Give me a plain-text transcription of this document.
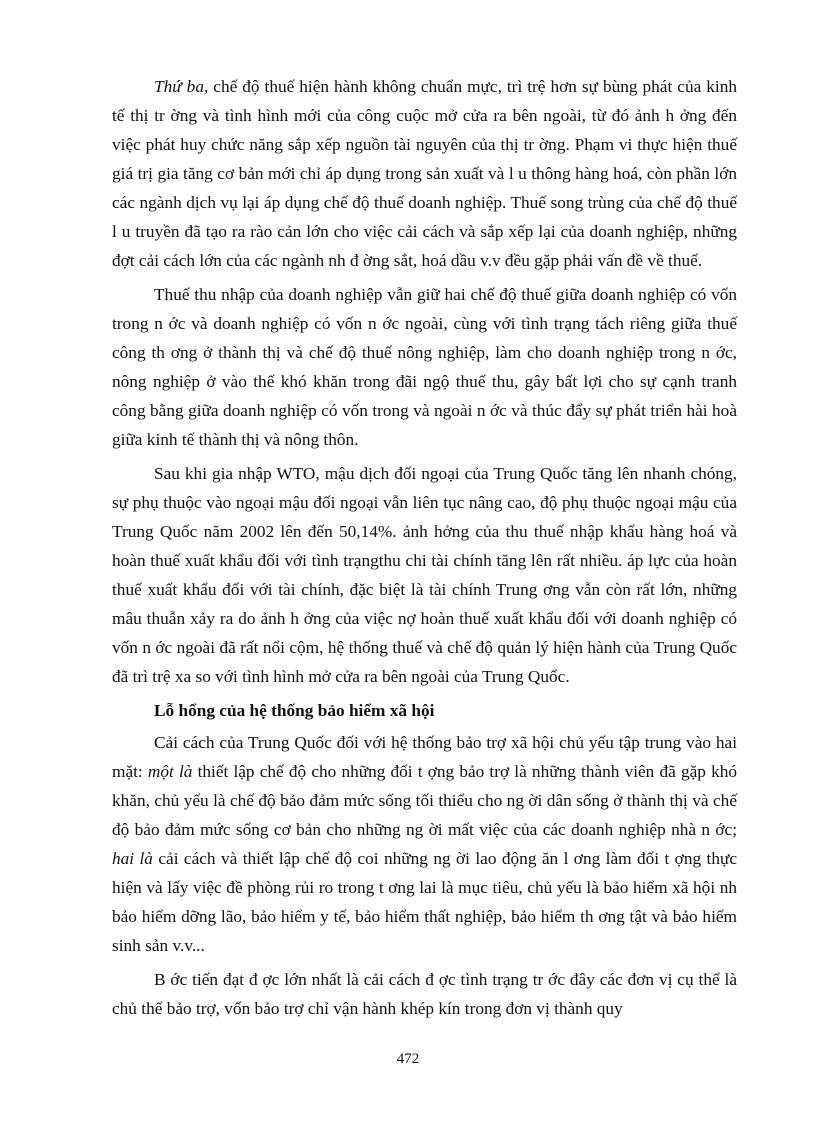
Thứ ba, chế độ thuế hiện hành không chuẩn mực, trì trệ hơn sự bùng phát của kinh tế thị tr ờng và tình hình mới của công cuộc mở cửa ra bên ngoài, từ đó ảnh h ởng đến việc phát huy chức năng sắp xếp nguồn tài nguyên của thị tr ờng. Phạm vi thực hiện thuế giá trị gia tăng cơ bản mới chỉ áp dụng trong sản xuất và l u thông hàng hoá, còn phần lớn các ngành dịch vụ lại áp dụng chế độ thuế doanh nghiệp. Thuế song trùng của chế độ thuế l u truyền đã tạo ra rào cản lớn cho việc cải cách và sắp xếp lại của doanh nghiệp, những đợt cải cách lớn của các ngành nh đ ờng sắt, hoá dầu v.v đều gặp phải vấn đề về thuế.

Thuế thu nhập của doanh nghiệp vẫn giữ hai chế độ thuế giữa doanh nghiệp có vốn trong n ớc và doanh nghiệp có vốn n ớc ngoài, cùng với tình trạng tách riêng giữa thuế công th ơng ở thành thị và chế độ thuế nông nghiệp, làm cho doanh nghiệp trong n ớc, nông nghiệp ở vào thế khó khăn trong đãi ngộ thuế thu, gây bất lợi cho sự cạnh tranh công bằng giữa doanh nghiệp có vốn trong và ngoài n ớc và thúc đẩy sự phát triển hài hoà giữa kinh tế thành thị và nông thôn.

Sau khi gia nhập WTO, mậu dịch đối ngoại của Trung Quốc tăng lên nhanh chóng, sự phụ thuộc vào ngoại mậu đối ngoại vẫn liên tục nâng cao, độ phụ thuộc ngoại mậu của Trung Quốc năm 2002 lên đến 50,14%. ảnh hởng của thu thuế nhập khẩu hàng hoá và hoàn thuế xuất khẩu đối với tình trạngthu chi tài chính tăng lên rất nhiều. áp lực của hoàn thuế xuất khẩu đối với tài chính, đặc biệt là tài chính Trung ơng vẫn còn rất lớn, những mâu thuẫn xảy ra do ảnh h ởng của việc nợ hoàn thuế xuất khẩu đối với doanh nghiệp có vốn n ớc ngoài đã rất nổi cộm, hệ thống thuế và chế độ quản lý hiện hành của Trung Quốc đã trì trệ xa so với tình hình mở cửa ra bên ngoài của Trung Quốc.

Lỗ hổng của hệ thống bảo hiểm xã hội

Cải cách của Trung Quốc đối với hệ thống bảo trợ xã hội chủ yếu tập trung vào hai mặt: một là thiết lập chế độ cho những đối t ợng bảo trợ là những thành viên đã gặp khó khăn, chủ yếu là chế độ bảo đảm mức sống tối thiểu cho ng ời dân sống ở thành thị và chế độ bảo đảm mức sống cơ bản cho những ng ời mất việc của các doanh nghiệp nhà n ớc; hai là cải cách và thiết lập chế độ coi những ng ời lao động ăn l ơng làm đối t ợng thực hiện và lấy việc đề phòng rủi ro trong t ơng lai là mục tiêu, chủ yếu là bảo hiểm xã hội nh bảo hiểm dỡng lão, bảo hiểm y tế, bảo hiểm thất nghiệp, bảo hiểm th ơng tật và bảo hiểm sinh sản v.v...

B ớc tiến đạt đ ợc lớn nhất là cải cách đ ợc tình trạng tr ớc đây các đơn vị cụ thể là chủ thể bảo trợ, vốn bảo trợ chỉ vận hành khép kín trong đơn vị thành quy

472
